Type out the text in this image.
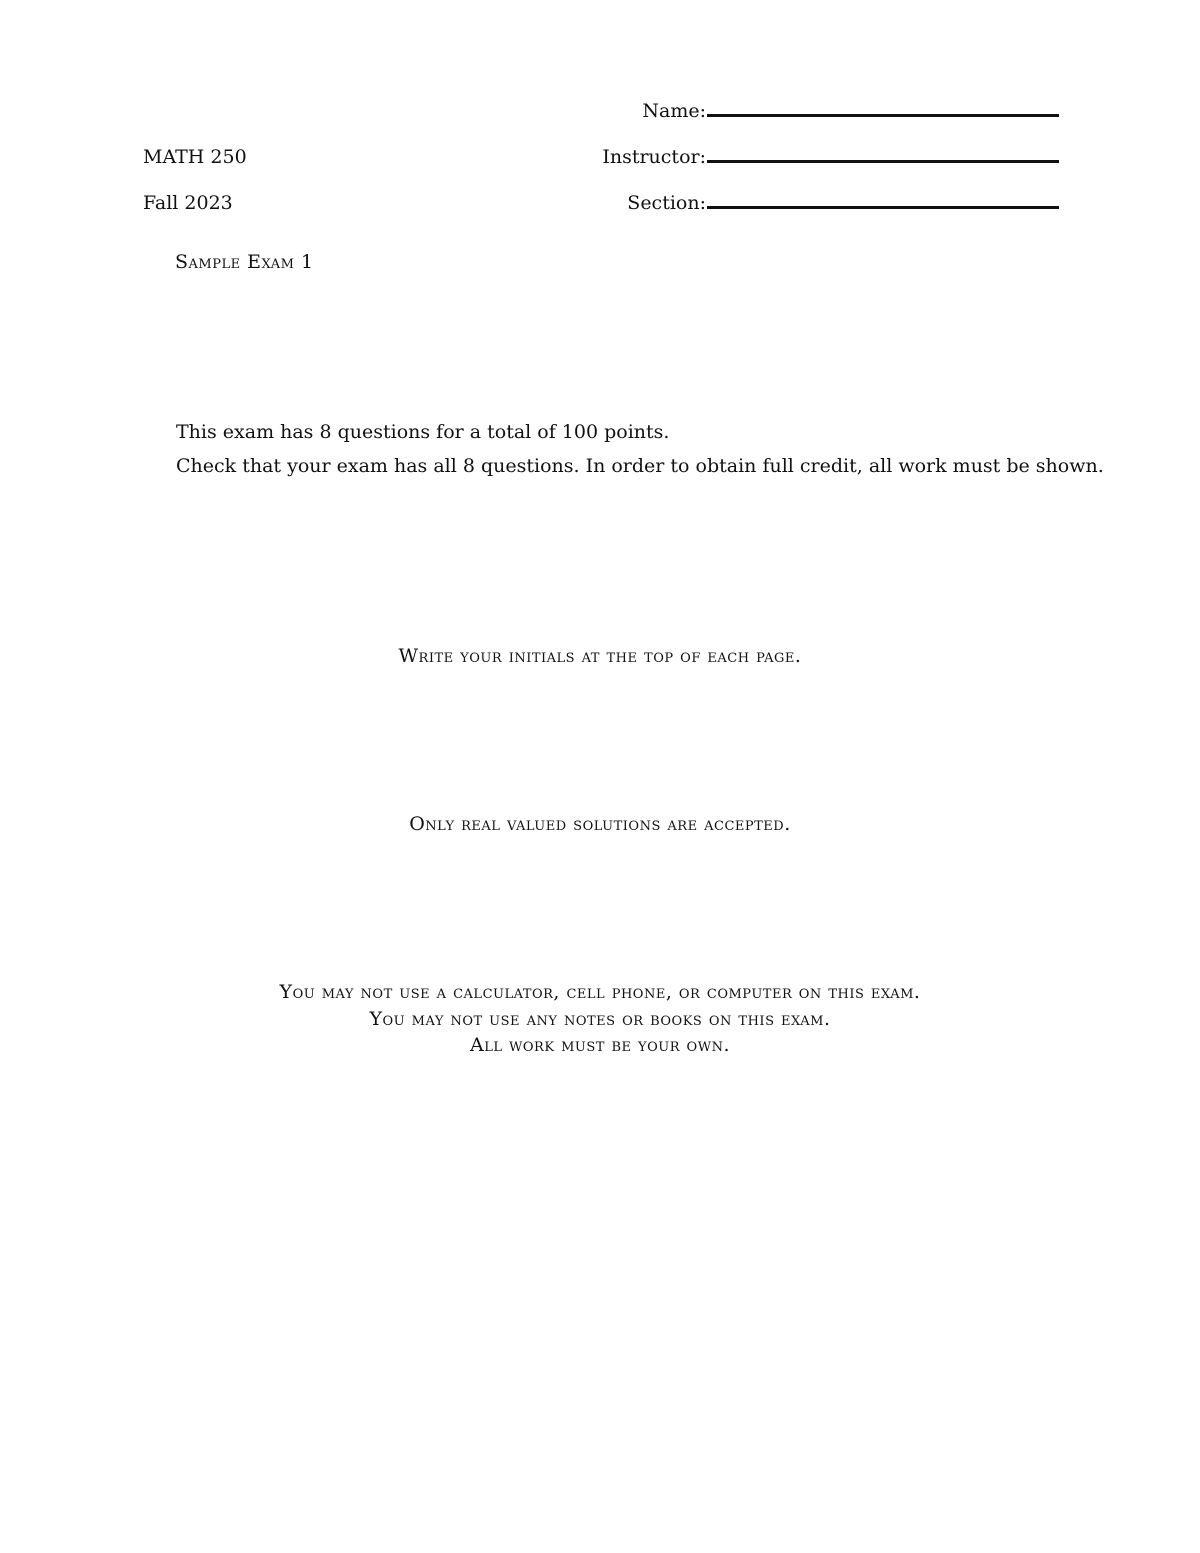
Name:
Instructor:
Section:
MATH 250
Fall 2023
Sample Exam 1
This exam has 8 questions for a total of 100 points.
Check that your exam has all 8 questions. In order to obtain full credit, all work must be shown.
Write your initials at the top of each page.
Only real valued solutions are accepted.
You may not use a calculator, cell phone, or computer on this exam.
You may not use any notes or books on this exam.
All work must be your own.
